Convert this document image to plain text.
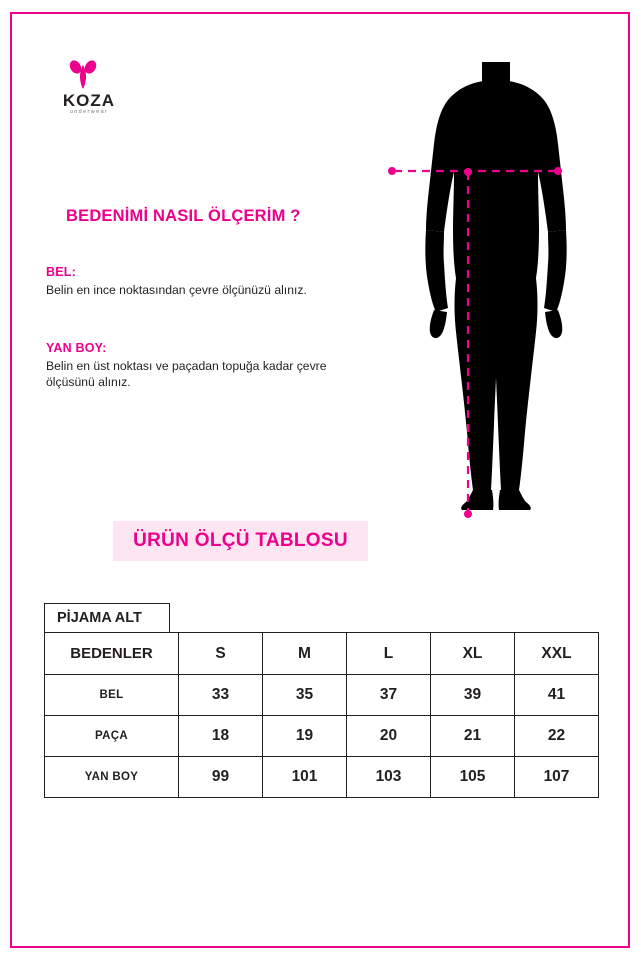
KOZA
underwear
BEDENİMİ NASIL ÖLÇERİM ?

BEL:

Belin en ince noktasından çevre ölçünüzü alınız.

YAN BOY:

Belin en üst noktası ve paçadan topuğa kadar çevre ölçüsünü alınız.

ÜRÜN ÖLÇÜ TABLOSU
PİJAMA ALT
BEDENLER	S	M	L	XL	XXL
BEL	33	35	37	39	41
PAÇA	18	19	20	21	22
YAN BOY	99	101	103	105	107
